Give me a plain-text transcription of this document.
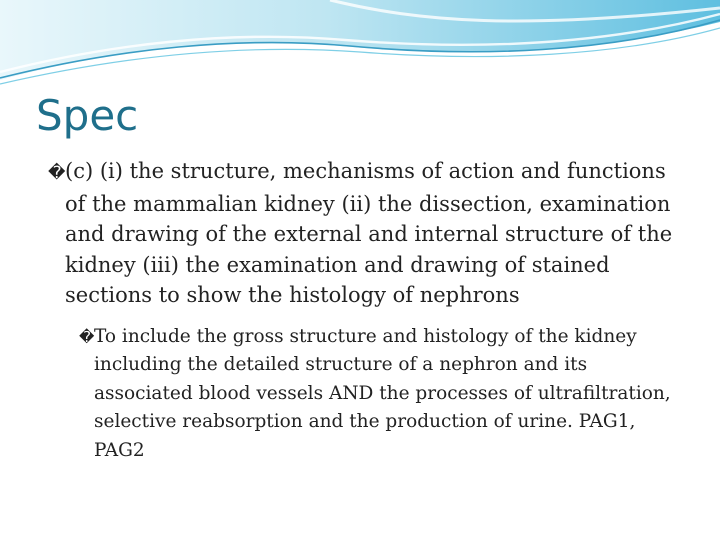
Spec

�(c) (i) the structure, mechanisms of action and functions of the mammalian kidney (ii) the dissection, examination and drawing of the external and internal structure of the kidney (iii) the examination and drawing of stained sections to show the histology of nephrons

�To include the gross structure and histology of the kidney including the detailed structure of a nephron and its associated blood vessels AND the processes of ultrafiltration, selective reabsorption and the production of urine. PAG1, PAG2
